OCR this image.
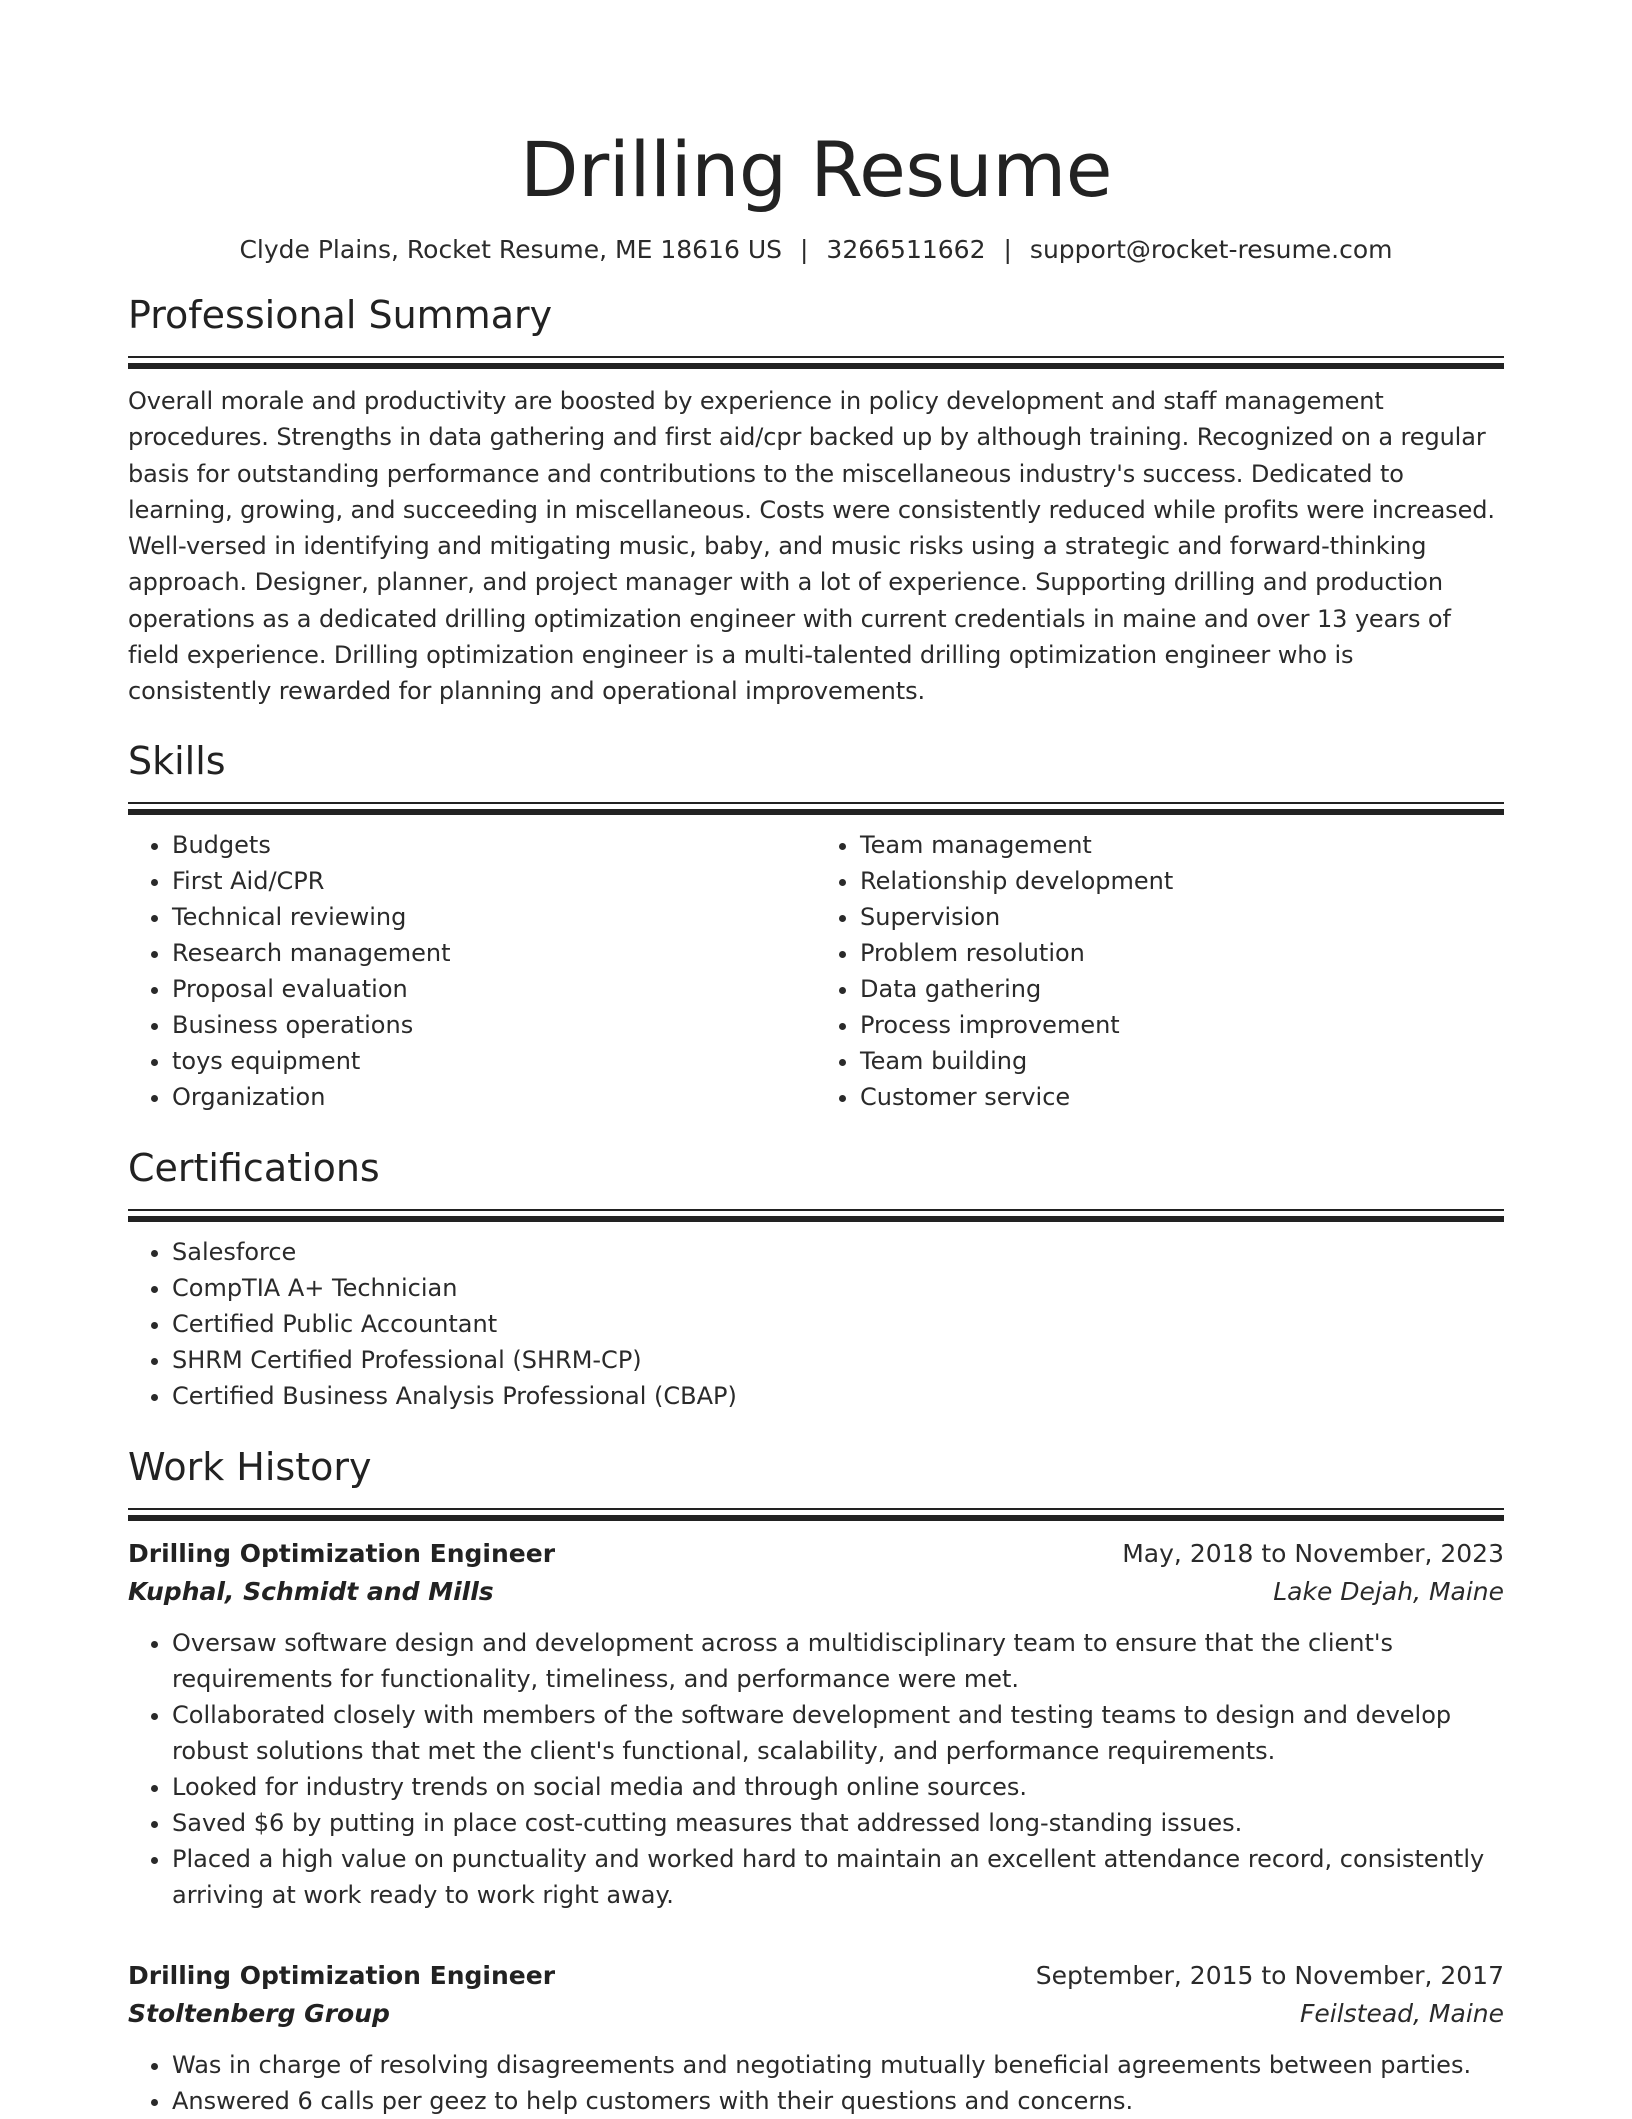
Drilling Resume
Clyde Plains, Rocket Resume, ME 18616 US | 3266511662 | support@rocket-resume.com
Professional Summary

Overall morale and productivity are boosted by experience in policy development and staff management procedures. Strengths in data gathering and first aid/cpr backed up by although training. Recognized on a regular basis for outstanding performance and contributions to the miscellaneous industry's success. Dedicated to learning, growing, and succeeding in miscellaneous. Costs were consistently reduced while profits were increased. Well-versed in identifying and mitigating music, baby, and music risks using a strategic and forward-thinking approach. Designer, planner, and project manager with a lot of experience. Supporting drilling and production operations as a dedicated drilling optimization engineer with current credentials in maine and over 13 years of field experience. Drilling optimization engineer is a multi-talented drilling optimization engineer who is consistently rewarded for planning and operational improvements.

Skills
• Budgets
• First Aid/CPR
• Technical reviewing
• Research management
• Proposal evaluation
• Business operations
• toys equipment
• Organization
• Team management
• Relationship development
• Supervision
• Problem resolution
• Data gathering
• Process improvement
• Team building
• Customer service
Certifications
• Salesforce
• CompTIA A+ Technician
• Certified Public Accountant
• SHRM Certified Professional (SHRM-CP)
• Certified Business Analysis Professional (CBAP)
Work History
Drilling Optimization Engineer	May, 2018 to November, 2023
Kuphal, Schmidt and Mills	Lake Dejah, Maine
• Oversaw software design and development across a multidisciplinary team to ensure that the client's requirements for functionality, timeliness, and performance were met.
• Collaborated closely with members of the software development and testing teams to design and develop robust solutions that met the client's functional, scalability, and performance requirements.
• Looked for industry trends on social media and through online sources.
• Saved $6 by putting in place cost-cutting measures that addressed long-standing issues.
• Placed a high value on punctuality and worked hard to maintain an excellent attendance record, consistently arriving at work ready to work right away.
Drilling Optimization Engineer	September, 2015 to November, 2017
Stoltenberg Group	Feilstead, Maine
• Was in charge of resolving disagreements and negotiating mutually beneficial agreements between parties.
• Answered 6 calls per geez to help customers with their questions and concerns.
